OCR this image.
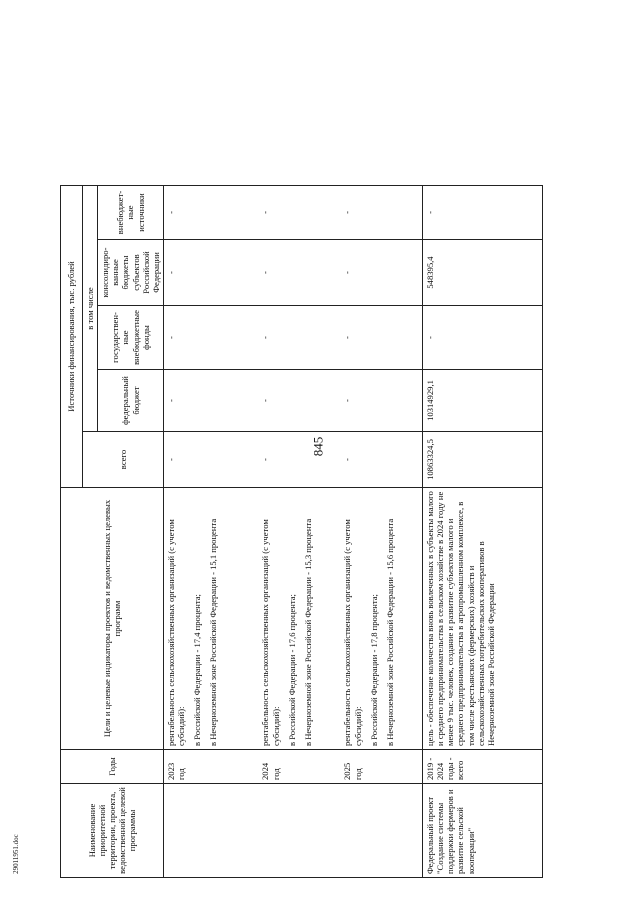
845
Наименование приоритетной территории, проекта, ведомственной целевой программы	Годы	Цели и целевые индикаторы проектов и ведомственных целевых программ	Источники финансирования, тыс. рублей					
			всего	в том числе				
				федеральный бюджет	государствен-ные внебюджетные фонды	консолидиро-ванные бюджеты субъектов Российской Федерации	внебюджет-ные источники	
	2023 год	рентабельность сельскохозяйственных организаций (с учетом субсидий): в Российской Федерации - 17,4 процента; в Нечерноземной зоне Российской Федерации - 15,1 процента	-	-	-	-	-	
	2024 год	рентабельность сельскохозяйственных организаций (с учетом субсидий): в Российской Федерации - 17,6 процента; в Нечерноземной зоне Российской Федерации - 15,3 процента	-	-	-	-	-	
	2025 год	рентабельность сельскохозяйственных организаций (с учетом субсидий): в Российской Федерации - 17,8 процента; в Нечерноземной зоне Российской Федерации - 15,6 процента	-	-	-	-	-	
Федеральный проект "Создание системы поддержки фермеров и развитие сельской кооперации"	2019 - 2024 годы - всего	цель - обеспечение количества вновь вовлеченных в субъекты малого и среднего предпринимательства в сельском хозяйстве в 2024 году не менее 9 тыс. человек, создание и развитие субъектов малого и среднего предпринимательства в агропромышленном комплексе, в том числе крестьянских (фермерских) хозяйств и сельскохозяйственных потребительских кооперативов в Нечерноземной зоне Российской Федерации	10863324,5	10314929,1	-	548395,4	-	
29011951.doc
